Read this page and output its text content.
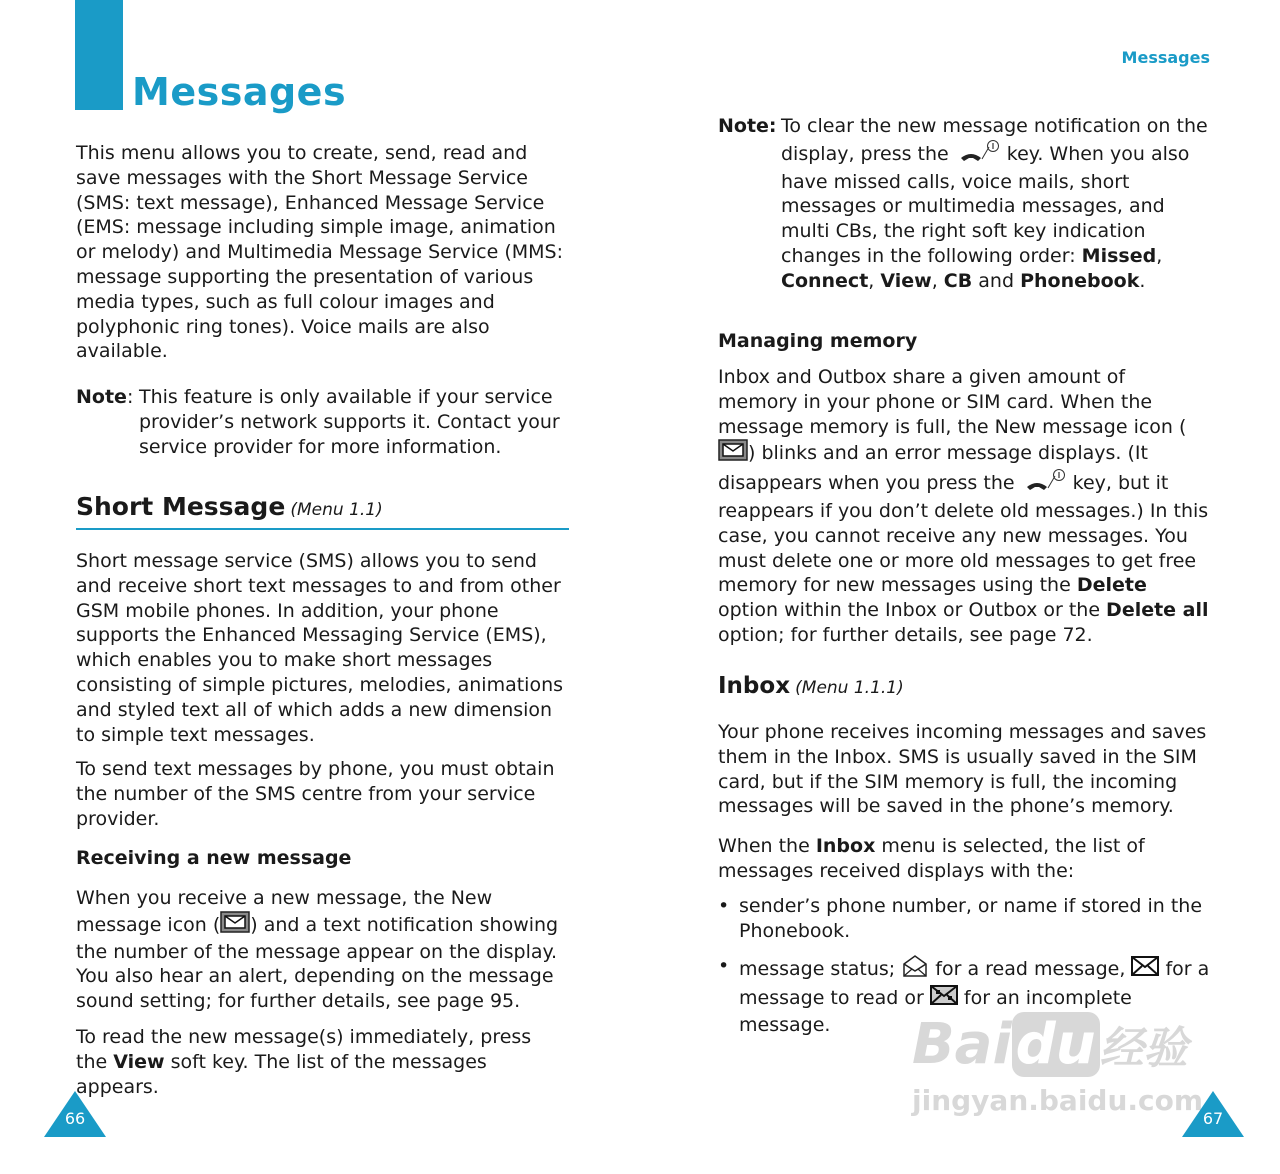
Messages
Messages

This menu allows you to create, send, read and save messages with the Short Message Service (SMS: text message), Enhanced Message Service (EMS: message including simple image, animation or melody) and Multimedia Message Service (MMS: message supporting the presentation of various media types, such as full colour images and polyphonic ring tones). Voice mails are also available.

Note: This feature is only available if your service provider’s network supports it. Contact your service provider for more information.
Short Message (Menu 1.1)

Short message service (SMS) allows you to send and receive short text messages to and from other GSM mobile phones. In addition, your phone supports the Enhanced Messaging Service (EMS), which enables you to make short messages consisting of simple pictures, melodies, animations and styled text all of which adds a new dimension to simple text messages.

To send text messages by phone, you must obtain the number of the SMS centre from your service provider.

Receiving a new message

When you receive a new message, the New message icon ( ) and a text notification showing the number of the message appear on the display. You also hear an alert, depending on the message sound setting; for further details, see page 95.

To read the new message(s) immediately, press the View soft key. The list of the messages appears.

66
Note: To clear the new message notification on the display, press the  key. When you also have missed calls, voice mails, short messages or multimedia messages, and multi CBs, the right soft key indication changes in the following order: Missed, Connect, View, CB and Phonebook.
Managing memory

Inbox and Outbox share a given amount of memory in your phone or SIM card. When the message memory is full, the New message icon () blinks and an error message displays. (It disappears when you press the  key, but it reappears if you don’t delete old messages.) In this case, you cannot receive any new messages. You must delete one or more old messages to get free memory for new messages using the Delete option within the Inbox or Outbox or the Delete all option; for further details, see page 72.

Inbox (Menu 1.1.1)

Your phone receives incoming messages and saves them in the Inbox. SMS is usually saved in the SIM card, but if the SIM memory is full, the incoming messages will be saved in the phone’s memory.

When the Inbox menu is selected, the list of messages received displays with the:

• sender’s phone number, or name if stored in the Phonebook.
• message status;  for a read message,  for a message to read or  for an incomplete message.	Baidu经验
jingyan.baidu.com
67
